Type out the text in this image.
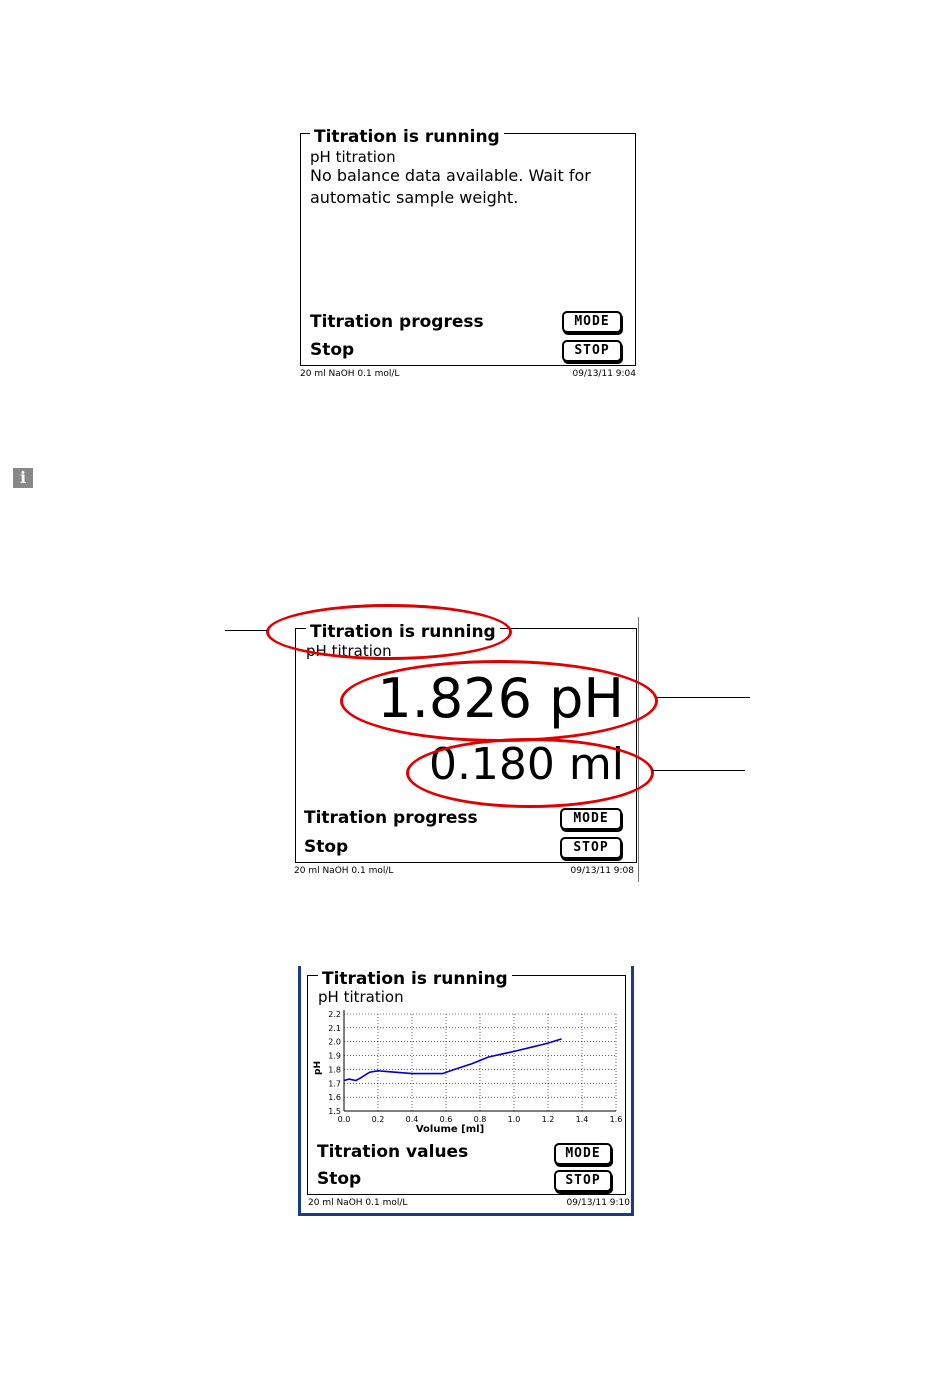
Titration is running
pH titration
No balance data available. Wait for automatic sample weight.
Titration progress	MODE
Stop	STOP
20 ml NaOH 0.1 mol/L	09/13/11 9:04
i
Titration is running
pH titration
1.826 pH
0.180 ml
Titration progress	MODE
Stop	STOP
20 ml NaOH 0.1 mol/L	09/13/11 9:08
Titration is running
pH titration
1.5
1.6
1.7
1.8
1.9
2.0
2.1
2.2
0.0	0.2	0.4	0.6	0.8	1.0	1.2	1.4	1.6
pH
Volume [ml]
Titration values	MODE
Stop	STOP
20 ml NaOH 0.1 mol/L	09/13/11 9:10
